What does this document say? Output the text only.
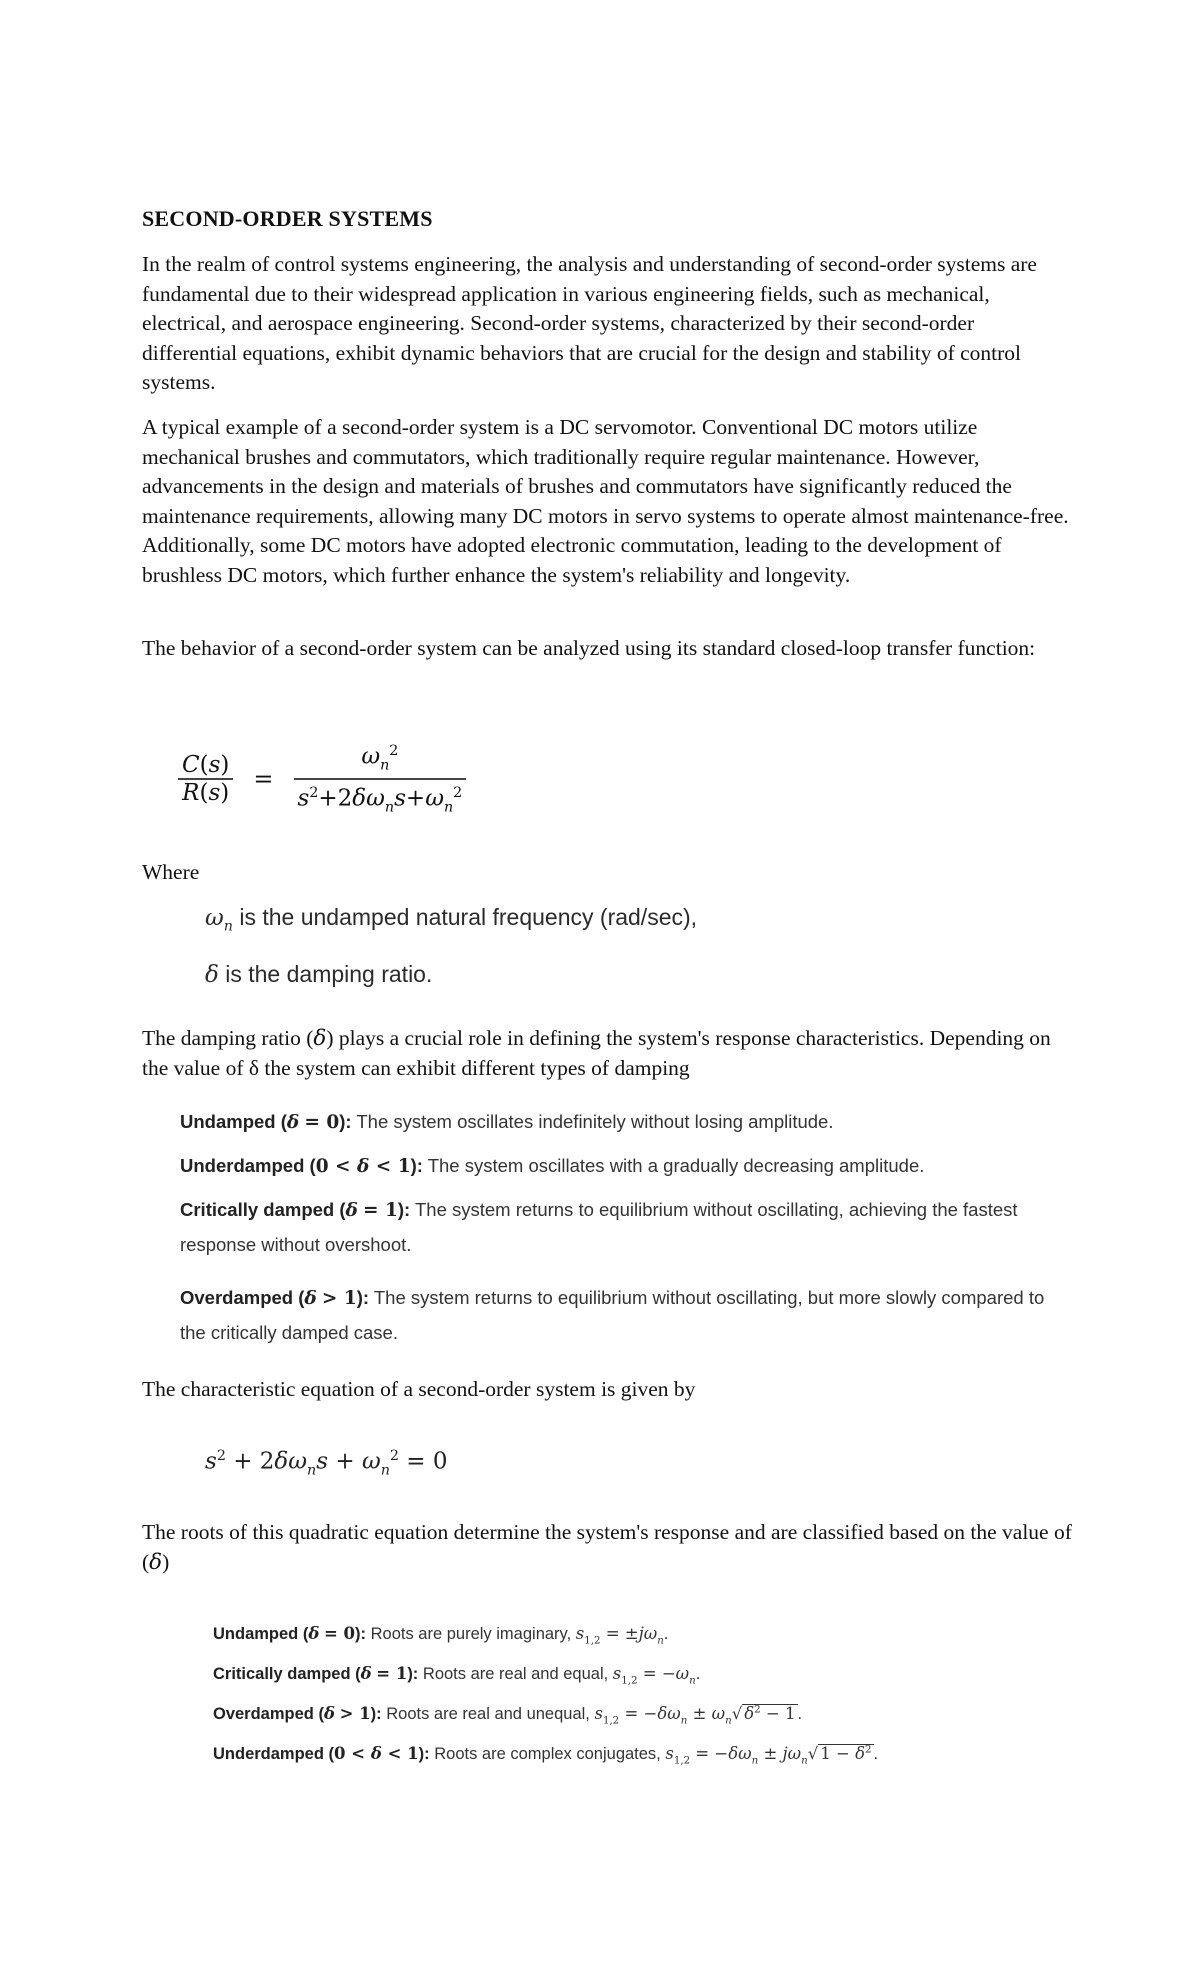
SECOND-ORDER SYSTEMS
In the realm of control systems engineering, the analysis and understanding of second-order systems are fundamental due to their widespread application in various engineering fields, such as mechanical, electrical, and aerospace engineering. Second-order systems, characterized by their second-order differential equations, exhibit dynamic behaviors that are crucial for the design and stability of control systems.
A typical example of a second-order system is a DC servomotor. Conventional DC motors utilize mechanical brushes and commutators, which traditionally require regular maintenance. However, advancements in the design and materials of brushes and commutators have significantly reduced the maintenance requirements, allowing many DC motors in servo systems to operate almost maintenance-free. Additionally, some DC motors have adopted electronic commutation, leading to the development of brushless DC motors, which further enhance the system's reliability and longevity.
The behavior of a second-order system can be analyzed using its standard closed-loop transfer function:
$\frac{C(s)}{R(s)} = \frac{\omega_n^2}{s^2+2\delta\omega_ns+\omega_n^2}$
Where
$\omega_n$ is the undamped natural frequency (rad/sec),
δ is the damping ratio.
The damping ratio (δ) plays a crucial role in defining the system's response characteristics. Depending on the value of δ the system can exhibit different types of damping
Undamped (δ = 0): The system oscillates indefinitely without losing amplitude.
Underdamped (0 < δ < 1): The system oscillates with a gradually decreasing amplitude.
Critically damped (δ = 1): The system returns to equilibrium without oscillating, achieving the fastest response without overshoot.
Overdamped (δ > 1): The system returns to equilibrium without oscillating, but more slowly compared to the critically damped case.
The characteristic equation of a second-order system is given by
$s^2 + 2\delta\omega_ns + \omega_n^2 = 0$
The roots of this quadratic equation determine the system's response and are classified based on the value of (δ)
Undamped (δ = 0): Roots are purely imaginary, $s_{1,2} = \pm j\omega_n$.
Critically damped (δ = 1): Roots are real and equal, $s_{1,2} = -\omega_n$.
Overdamped (δ > 1): Roots are real and unequal, $s_{1,2} = -\delta\omega_n \pm \omega_n√$ $\delta^2 - 1$ .
Underdamped (0 < δ < 1): Roots are complex conjugates, $s_{1,2} = -\delta\omega_n \pm j\omega_n√$ $1 - \delta^2$ .
